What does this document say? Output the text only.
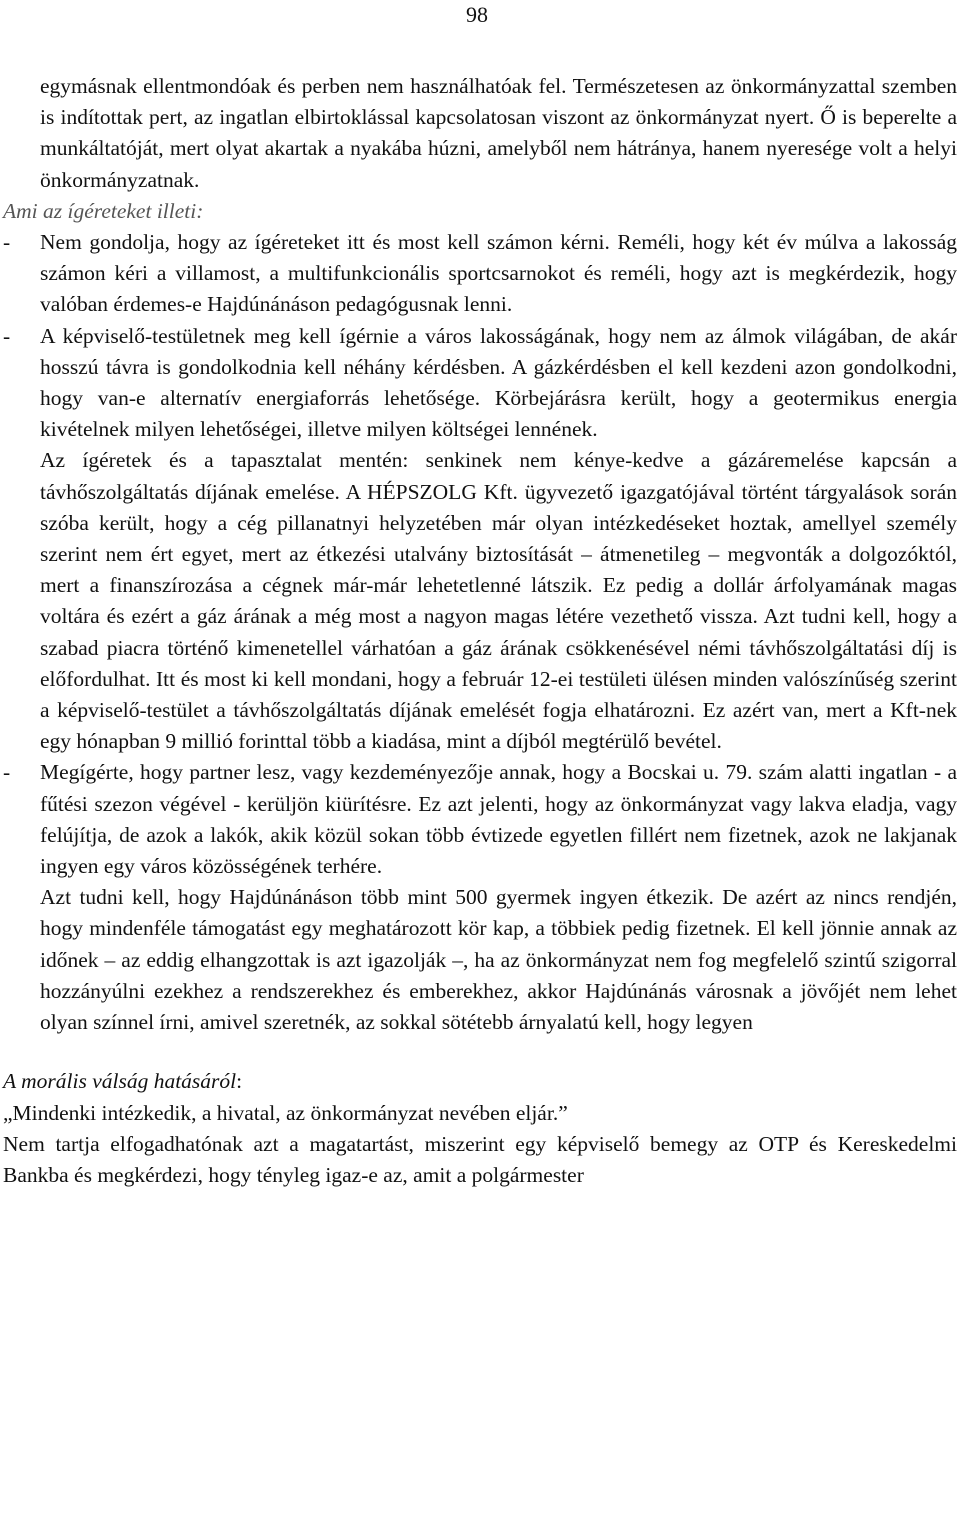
98

egymásnak ellentmondóak és perben nem használhatóak fel. Természetesen az önkormányzattal szemben is indítottak pert, az ingatlan elbirtoklással kapcsolatosan viszont az önkormányzat nyert. Ő is beperelte a munkáltatóját, mert olyat akartak a nyakába húzni, amelyből nem hátránya, hanem nyeresége volt a helyi önkormányzatnak.

Ami az ígéreteket illeti:

- Nem gondolja, hogy az ígéreteket itt és most kell számon kérni. Reméli, hogy két év múlva a lakosság számon kéri a villamost, a multifunkcionális sportcsarnokot és reméli, hogy azt is megkérdezik, hogy valóban érdemes-e Hajdúnánáson pedagógusnak lenni.

- A képviselő-testületnek meg kell ígérnie a város lakosságának, hogy nem az álmok világában, de akár hosszú távra is gondolkodnia kell néhány kérdésben. A gázkérdésben el kell kezdeni azon gondolkodni, hogy van-e alternatív energiaforrás lehetősége. Körbejárásra került, hogy a geotermikus energia kivételnek milyen lehetőségei, illetve milyen költségei lennének.

Az ígéretek és a tapasztalat mentén: senkinek nem kénye-kedve a gázáremelése kapcsán a távhőszolgáltatás díjának emelése. A HÉPSZOLG Kft. ügyvezető igazgatójával történt tárgyalások során szóba került, hogy a cég pillanatnyi helyzetében már olyan intézkedéseket hoztak, amellyel személy szerint nem ért egyet, mert az étkezési utalvány biztosítását – átmenetileg – megvonták a dolgozóktól, mert a finanszírozása a cégnek már-már lehetetlenné látszik. Ez pedig a dollár árfolyamának magas voltára és ezért a gáz árának a még most a nagyon magas létére vezethető vissza. Azt tudni kell, hogy a szabad piacra történő kimenetellel várhatóan a gáz árának csökkenésével némi távhőszolgáltatási díj is előfordulhat. Itt és most ki kell mondani, hogy a február 12-ei testületi ülésen minden valószínűség szerint a képviselő-testület a távhőszolgáltatás díjának emelését fogja elhatározni. Ez azért van, mert a Kft-nek egy hónapban 9 millió forinttal több a kiadása, mint a díjból megtérülő bevétel.

- Megígérte, hogy partner lesz, vagy kezdeményezője annak, hogy a Bocskai u. 79. szám alatti ingatlan - a fűtési szezon végével - kerüljön kiürítésre. Ez azt jelenti, hogy az önkormányzat vagy lakva eladja, vagy felújítja, de azok a lakók, akik közül sokan több évtizede egyetlen fillért nem fizetnek, azok ne lakjanak ingyen egy város közösségének terhére.

Azt tudni kell, hogy Hajdúnánáson több mint 500 gyermek ingyen étkezik. De azért az nincs rendjén, hogy mindenféle támogatást egy meghatározott kör kap, a többiek pedig fizetnek. El kell jönnie annak az időnek – az eddig elhangzottak is azt igazolják –, ha az önkormányzat nem fog megfelelő szintű szigorral hozzányúlni ezekhez a rendszerekhez és emberekhez, akkor Hajdúnánás városnak a jövőjét nem lehet olyan színnel írni, amivel szeretnék, az sokkal sötétebb árnyalatú kell, hogy legyen

A morális válság hatásáról:

„Mindenki intézkedik, a hivatal, az önkormányzat nevében eljár.”

Nem tartja elfogadhatónak azt a magatartást, miszerint egy képviselő bemegy az OTP és Kereskedelmi Bankba és megkérdezi, hogy tényleg igaz-e az, amit a polgármester
